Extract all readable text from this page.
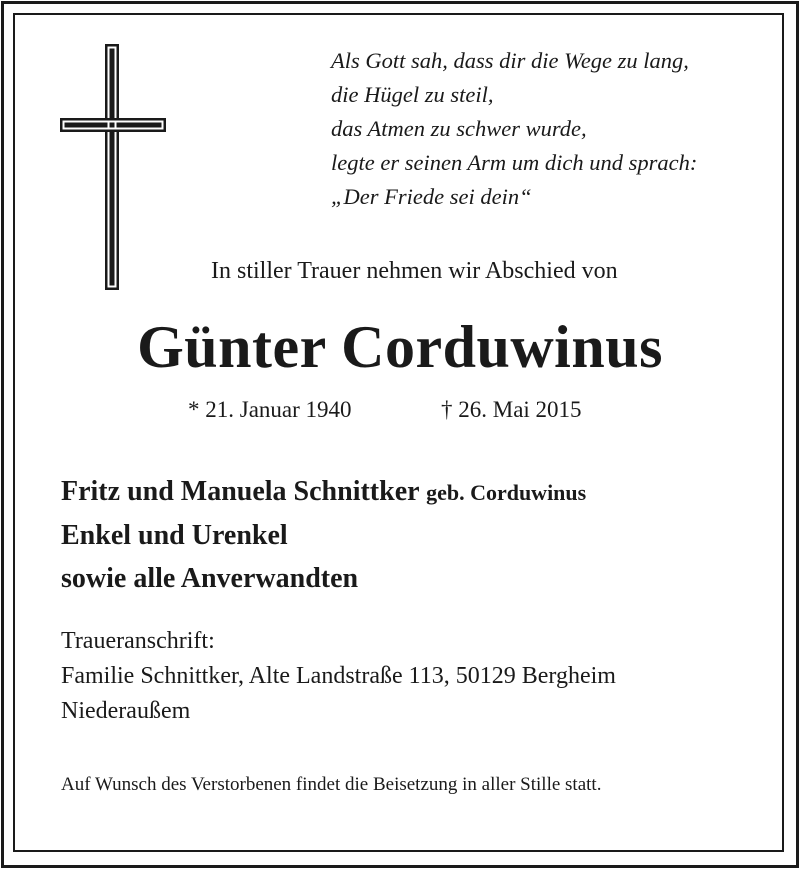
Als Gott sah, dass dir die Wege zu lang,
die Hügel zu steil,
das Atmen zu schwer wurde,
legte er seinen Arm um dich und sprach:
„Der Friede sei dein“
In stiller Trauer nehmen wir Abschied von
Günter Corduwinus
* 21. Januar 1940	† 26. Mai 2015
Fritz und Manuela Schnittker geb. Corduwinus
Enkel und Urenkel
sowie alle Anverwandten
Traueranschrift:
Familie Schnittker, Alte Landstraße 113, 50129 Bergheim
Niederaußem
Auf Wunsch des Verstorbenen findet die Beisetzung in aller Stille statt.
